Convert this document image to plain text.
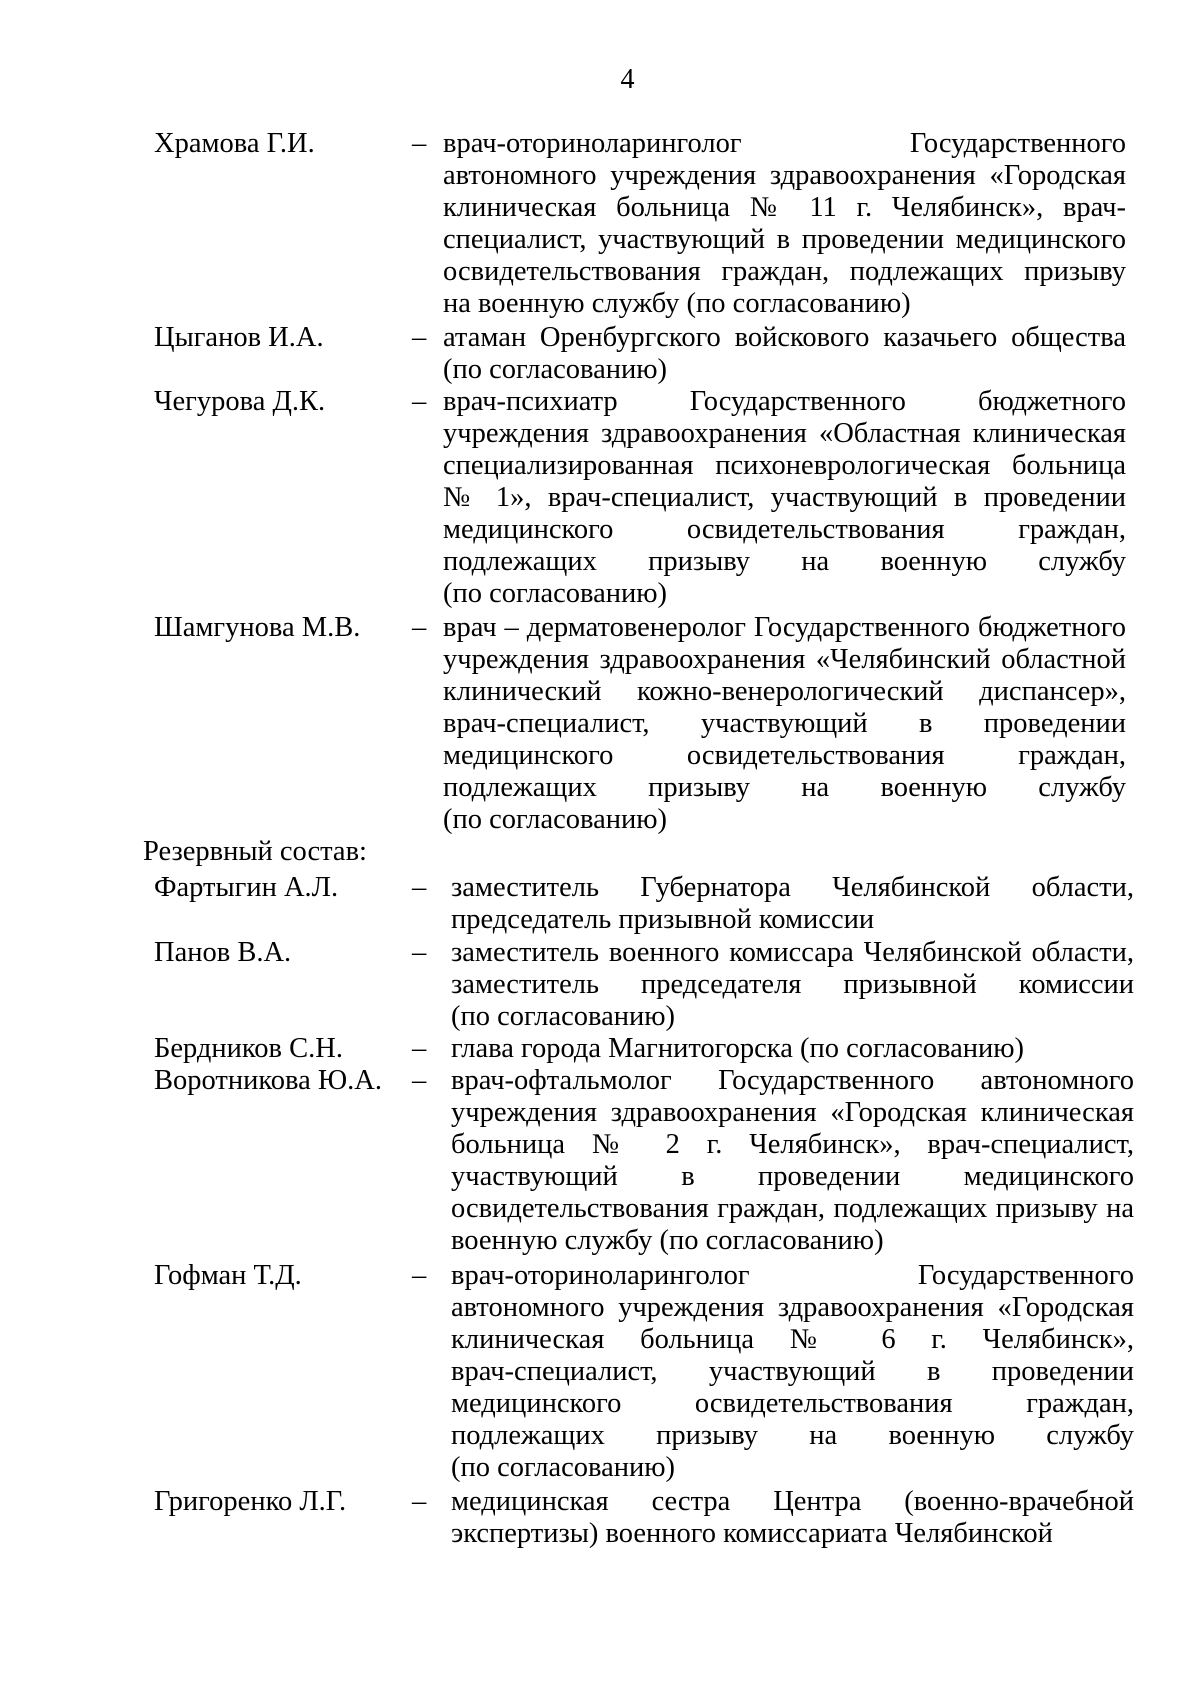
4
Храмова Г.И.	– врач-оториноларинголог Государственного
автономного учреждения здравоохранения «Городская
клиническая больница № 11 г. Челябинск», врач-
специалист, участвующий в проведении медицинского
освидетельствования граждан, подлежащих призыву
на военную службу (по согласованию)
Цыганов И.А.	– атаман Оренбургского войскового казачьего общества
(по согласованию)
Чегурова Д.К.	– врач-психиатр Государственного бюджетного
учреждения здравоохранения «Областная клиническая
специализированная психоневрологическая больница
№ 1», врач-специалист, участвующий в проведении
медицинского освидетельствования граждан,
подлежащих призыву на военную службу
(по согласованию)
Шамгунова М.В. – врач – дерматовенеролог Государственного бюджетного
учреждения здравоохранения «Челябинский областной
клинический кожно-венерологический диспансер»,
врач-специалист, участвующий в проведении
медицинского освидетельствования граждан,
подлежащих призыву на военную службу
(по согласованию)
Резервный состав:
Фартыгин А.Л.	– заместитель Губернатора Челябинской области,
председатель призывной комиссии
Панов В.А.	– заместитель военного комиссара Челябинской области,
заместитель председателя призывной комиссии
(по согласованию)
Бердников С.Н. – глава города Магнитогорска (по согласованию)
Воротникова Ю.А. – врач-офтальмолог Государственного автономного
учреждения здравоохранения «Городская клиническая
больница № 2 г. Челябинск», врач-специалист,
участвующий в проведении медицинского
освидетельствования граждан, подлежащих призыву на
военную службу (по согласованию)
Гофман Т.Д.	– врач-оториноларинголог Государственного
автономного учреждения здравоохранения «Городская
клиническая больница № 6 г. Челябинск»,
врач-специалист, участвующий в проведении
медицинского освидетельствования граждан,
подлежащих призыву на военную службу
(по согласованию)
Григоренко Л.Г. – медицинская сестра Центра (военно-врачебной
экспертизы) военного комиссариата Челябинской
